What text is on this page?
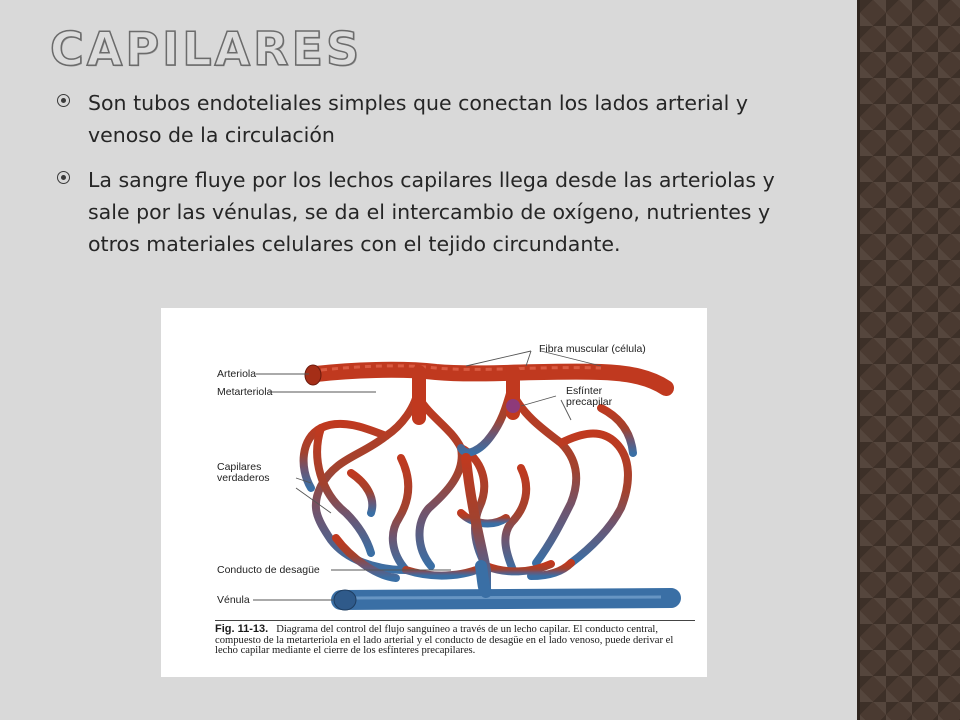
CAPILARES
Son tubos endoteliales simples que conectan los lados arterial y venoso de la circulación
La sangre fluye por los lechos capilares llega desde las arteriolas y sale por las vénulas, se da el intercambio de oxígeno, nutrientes y otros materiales celulares con el tejido circundante.
Arteriola
Metarteriola
Capilares
verdaderos
Conducto de desagüe
Vénula
Fibra muscular (célula)
Esfínter
precapilar

Fig. 11-13. Diagrama del control del flujo sanguíneo a través de un lecho capilar. El conducto central, compuesto de la metarteriola en el lado arterial y el conducto de desagüe en el lado venoso, puede derivar el lecho capilar mediante el cierre de los esfínteres precapilares.
